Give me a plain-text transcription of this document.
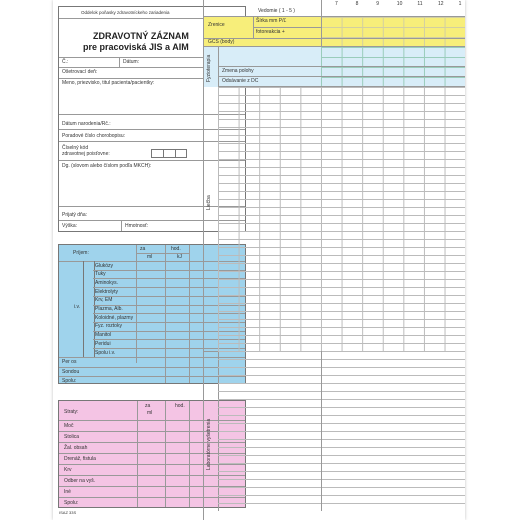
Oddelok poňasky zdravotníckeho zariadenia
ZDRAVOTNÝ ZÁZNAM
pre pracoviská JIS a AIM
Č.:	Dátum:
Ošetrovací deň:
Meno, priezvisko, titul pacienta/pacientky:
Dátum narodenia/Rč.:
Poradové číslo chorobopisu:
Číselný kód zdravotnej poisťovne:
Dg. (slovom alebo číslom podľa MKCH):
Prijatý dňa:
Výška:	Hmotnosť:
Príjem:
za	hod.
ml	kJ
i.v.
Glukózy
Tuky
Aminokys.
Elektrolyty
Krv, EM
Plazma, Alb.
Koloidné, plazmy
Fyz. roztoky
Manitol
Peridui
Spolu i.v.
Per os
Sondou
Spolu:
Straty:
za	hod.
ml
Moč
Stolica
Žal. obsah
Drenáž, fistula
Krv
Odber na vyš.
Iné
Spolu:
ISAZ 33S
7	8	9	10	11	12	1
Vedomie ( 1 - 5 )
Zrenice
Šírka mm P/Ľ
fotoreakcia +
GCS (body)
Fyzioterapia Zmena polohy
Odsávanie z DC
Liečba
Laboratórne vyšetrenia
